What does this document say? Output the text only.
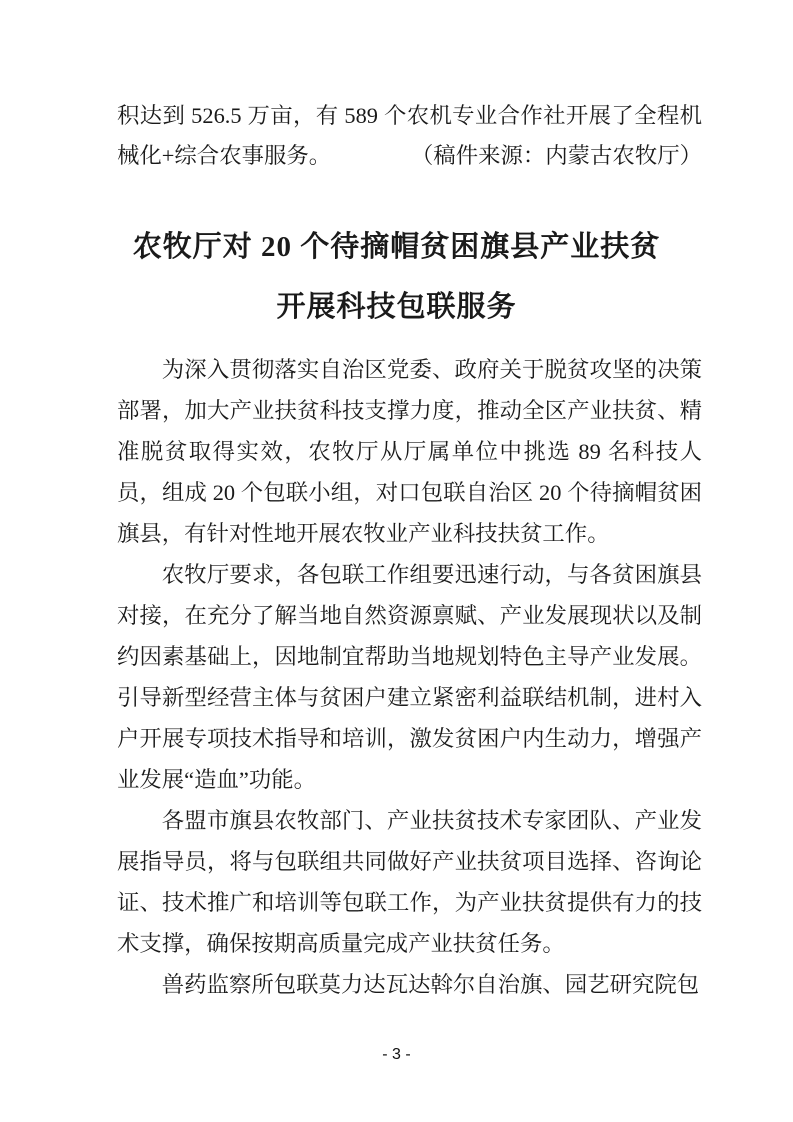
积达到 526.5 万亩，有 589 个农机专业合作社开展了全程机
械化+综合农事服务。	（稿件来源：内蒙古农牧厅）
农牧厅对 20 个待摘帽贫困旗县产业扶贫
开展科技包联服务

为深入贯彻落实自治区党委、政府关于脱贫攻坚的决策部署，加大产业扶贫科技支撑力度，推动全区产业扶贫、精准脱贫取得实效，农牧厅从厅属单位中挑选 89 名科技人员，组成 20 个包联小组，对口包联自治区 20 个待摘帽贫困旗县，有针对性地开展农牧业产业科技扶贫工作。

农牧厅要求，各包联工作组要迅速行动，与各贫困旗县对接，在充分了解当地自然资源禀赋、产业发展现状以及制约因素基础上，因地制宜帮助当地规划特色主导产业发展。引导新型经营主体与贫困户建立紧密利益联结机制，进村入户开展专项技术指导和培训，激发贫困户内生动力，增强产业发展“造血”功能。

各盟市旗县农牧部门、产业扶贫技术专家团队、产业发展指导员，将与包联组共同做好产业扶贫项目选择、咨询论证、技术推广和培训等包联工作，为产业扶贫提供有力的技术支撑，确保按期高质量完成产业扶贫任务。

兽药监察所包联莫力达瓦达斡尔自治旗、园艺研究院包

- 3 -
